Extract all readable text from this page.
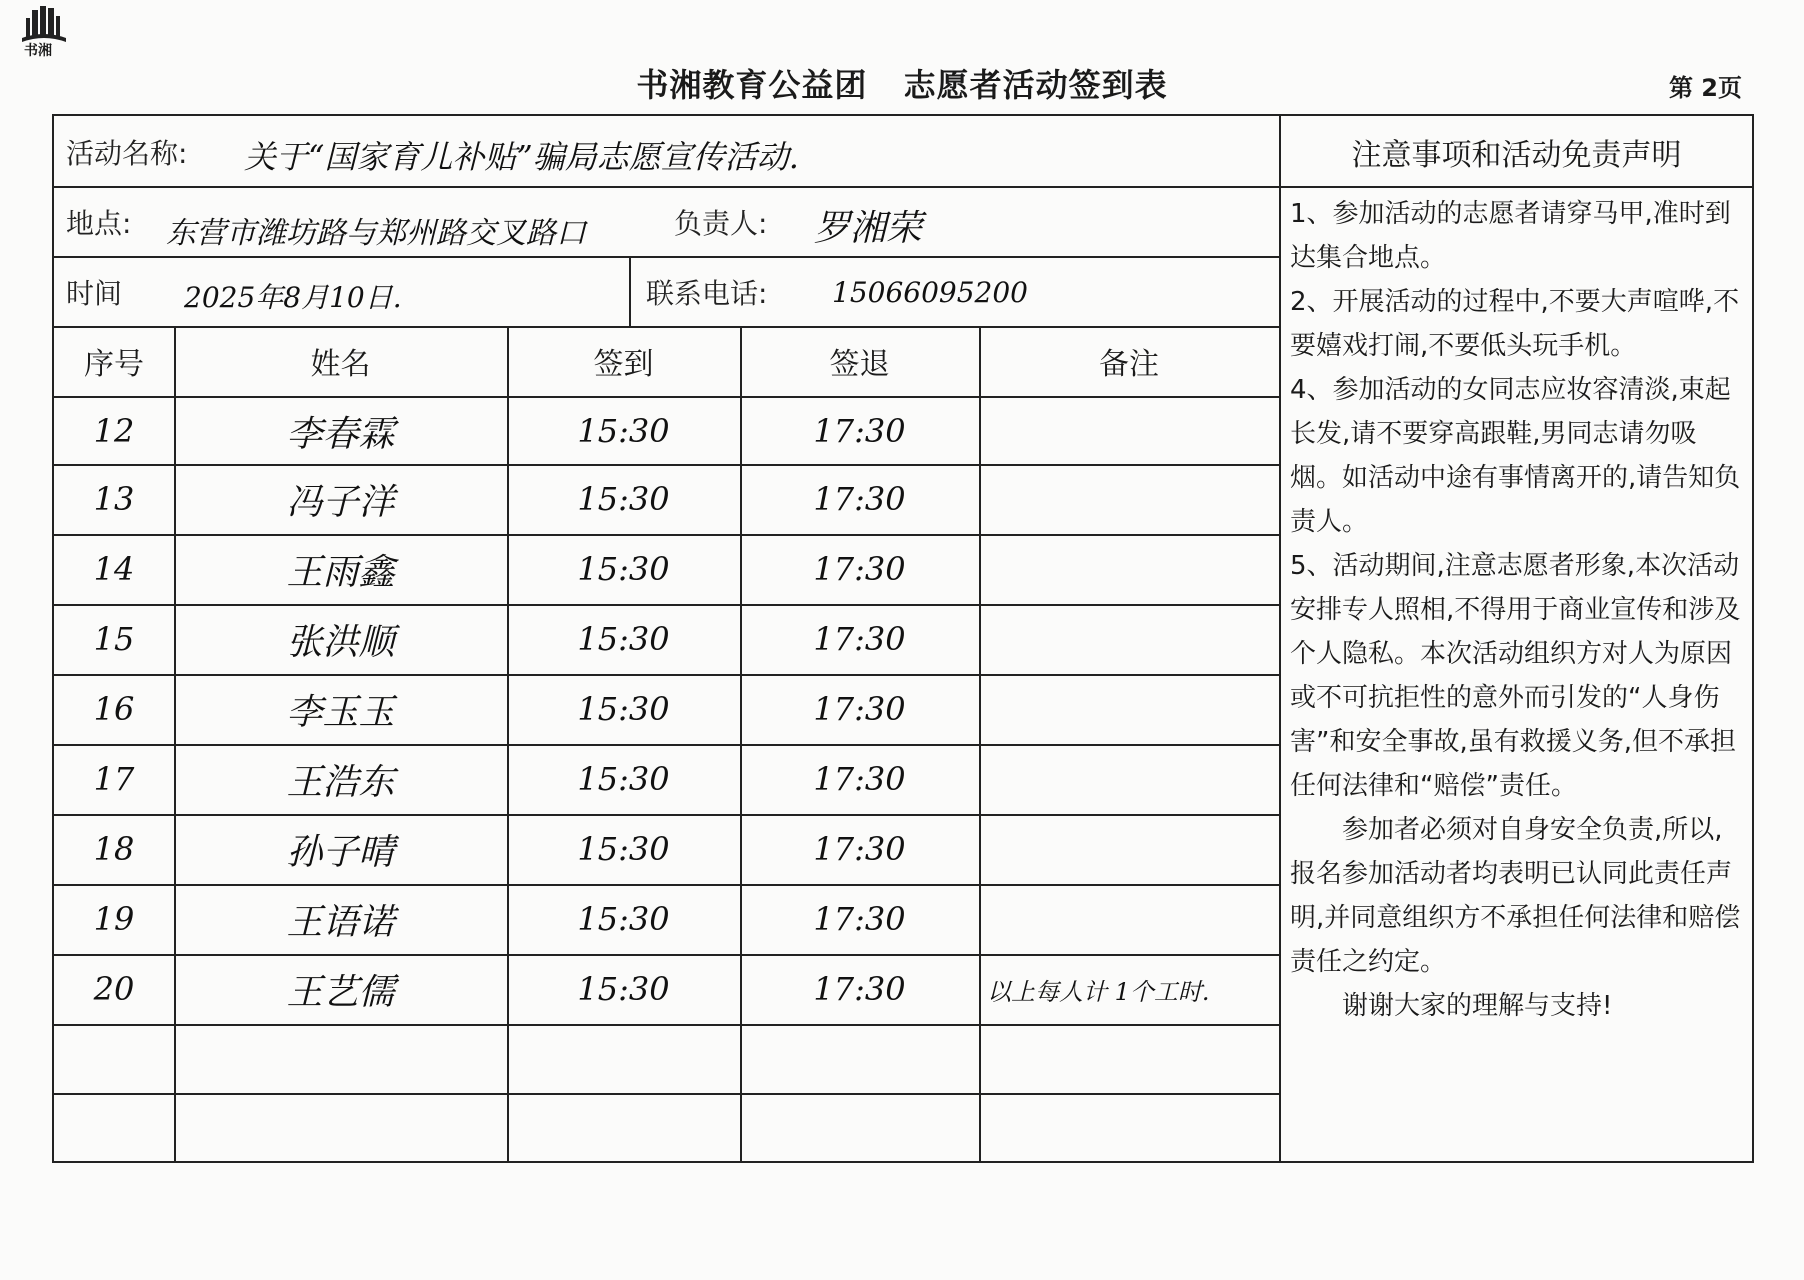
书湘
书湘教育公益团 志愿者活动签到表	第 2页
活动名称: 关于“国家育儿补贴”骗局志愿宣传活动.
地点: 东营市潍坊路与郑州路交叉路口	负责人: 罗湘荣
时间 2025年8月10日.	联系电话: 15066095200
序号	姓名	签到	签退	备注
12	李春霖	15:30	17:30
13	冯子洋	15:30	17:30
14	王雨鑫	15:30	17:30
15	张洪顺	15:30	17:30
16	李玉玉	15:30	17:30
17	王浩东	15:30	17:30
18	孙子晴	15:30	17:30
19	王语诺	15:30	17:30
20	王艺儒	15:30	17:30	以上每人计 1个工时.
注意事项和活动免责声明

1、参加活动的志愿者请穿马甲,准时到达集合地点。

2、开展活动的过程中,不要大声喧哗,不要嬉戏打闹,不要低头玩手机。

4、参加活动的女同志应妆容清淡,束起长发,请不要穿高跟鞋,男同志请勿吸烟。如活动中途有事情离开的,请告知负责人。

5、活动期间,注意志愿者形象,本次活动安排专人照相,不得用于商业宣传和涉及个人隐私。本次活动组织方对人为原因或不可抗拒性的意外而引发的“人身伤害”和安全事故,虽有救援义务,但不承担任何法律和“赔偿”责任。

参加者必须对自身安全负责,所以,报名参加活动者均表明已认同此责任声明,并同意组织方不承担任何法律和赔偿责任之约定。

谢谢大家的理解与支持!
